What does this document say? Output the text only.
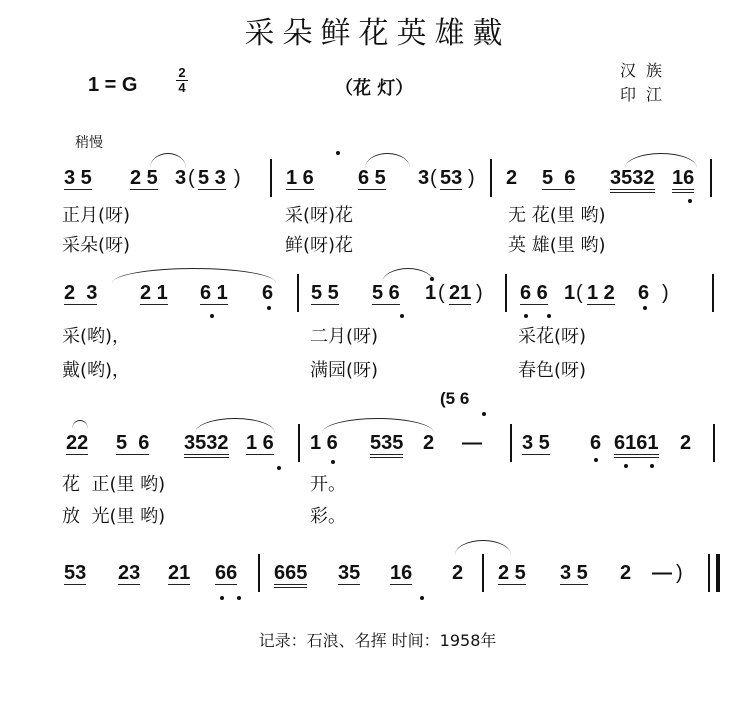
采朵鲜花英雄戴
1 = G	$\frac{2}{4}$	（花 灯）
汉族
印江
稍慢
3 5 2 5 3 ( 5 3 ) 1 6 6 5 3 ( 53 ) 2 5  6 3532 16
正月(呀)	采(呀)花	无 花(里 哟)
采朵(呀)	鲜(呀)花	英 雄(里 哟)
2  3 2 1 6 1 6 5 5 5 6 1 ( 21 ) 6 6 1 ( 1 2 6 )
采(哟)，	二月(呀)	采花(呀)
戴(哟)，	满园(呀)	春色(呀)
(5 6
22 5  6 3532 1 6 1 6 535 2 — 3 5 6 6161 2
花  正(里 哟)	开。
放  光(里 哟)	彩。
53 23 21 66 665 35 16 2 2 5 3 5 2 — )
记录：石浪、名挥 时间：1958年
